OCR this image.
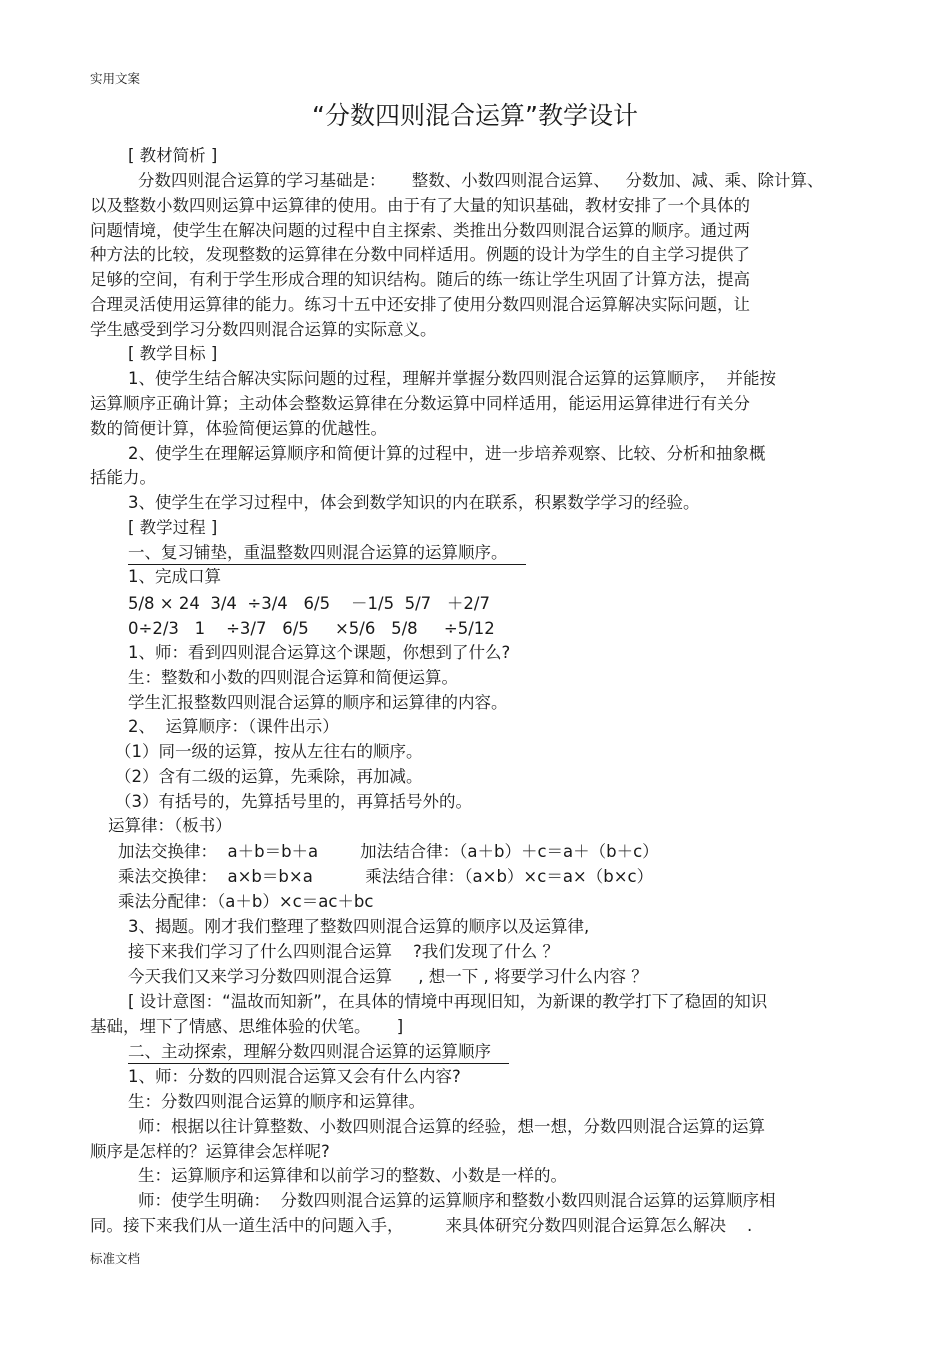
实用文案
“分数四则混合运算”教学设计
[ 教材简析 ]
分数四则混合运算的学习基础是：     整数、小数四则混合运算、   分数加、减、乘、除计算、
以及整数小数四则运算中运算律的使用。由于有了大量的知识基础，教材安排了一个具体的
问题情境，使学生在解决问题的过程中自主探索、类推出分数四则混合运算的顺序。通过两
种方法的比较，发现整数的运算律在分数中同样适用。例题的设计为学生的自主学习提供了
足够的空间，有利于学生形成合理的知识结构。随后的练一练让学生巩固了计算方法，提高
合理灵活使用运算律的能力。练习十五中还安排了使用分数四则混合运算解决实际问题，让
学生感受到学习分数四则混合运算的实际意义。
[ 教学目标 ]
1、使学生结合解决实际问题的过程，理解并掌握分数四则混合运算的运算顺序，  并能按
运算顺序正确计算；主动体会整数运算律在分数运算中同样适用，能运用运算律进行有关分
数的简便计算，体验简便运算的优越性。
2、使学生在理解运算顺序和简便计算的过程中，进一步培养观察、比较、分析和抽象概
括能力。
3、使学生在学习过程中，体会到数学知识的内在联系，积累数学学习的经验。
[ 教学过程 ]
一、复习铺垫，重温整数四则混合运算的运算顺序。
1、完成口算
5/8 × 24  3/4  ÷3/4   6/5    －1/5  5/7   ＋2/7
0÷2/3   1    ÷3/7   6/5     ×5/6   5/8     ÷5/12
1、师：看到四则混合运算这个课题，你想到了什么?
生：整数和小数的四则混合运算和简便运算。
学生汇报整数四则混合运算的顺序和运算律的内容。
2、  运算顺序：（课件出示）
（1）同一级的运算，按从左往右的顺序。
（2）含有二级的运算，先乘除，再加减。
（3）有括号的，先算括号里的，再算括号外的。
运算律：（板书）
加法交换律：  a＋b＝b＋a        加法结合律：（a＋b）＋c＝a＋（b＋c）
乘法交换律：  a×b＝b×a          乘法结合律：（a×b）×c＝a×（b×c）
乘法分配律：（a＋b）×c＝ac＋bc
3、揭题。刚才我们整理了整数四则混合运算的顺序以及运算律,
接下来我们学习了什么四则混合运算    ?我们发现了什么 ？
今天我们又来学习分数四则混合运算     , 想一下 , 将要学习什么内容 ？
[ 设计意图：“温故而知新”，在具体的情境中再现旧知，为新课的教学打下了稳固的知识
基础，埋下了情感、思维体验的伏笔。     ]
二、主动探索，理解分数四则混合运算的运算顺序
1、师：分数的四则混合运算又会有什么内容?
生：分数四则混合运算的顺序和运算律。
师：根据以往计算整数、小数四则混合运算的经验，想一想，分数四则混合运算的运算
顺序是怎样的？运算律会怎样呢?
生：运算顺序和运算律和以前学习的整数、小数是一样的。
师：使学生明确：  分数四则混合运算的运算顺序和整数小数四则混合运算的运算顺序相
同。接下来我们从一道生活中的问题入手，        来具体研究分数四则混合运算怎么解决    .
标准文档
